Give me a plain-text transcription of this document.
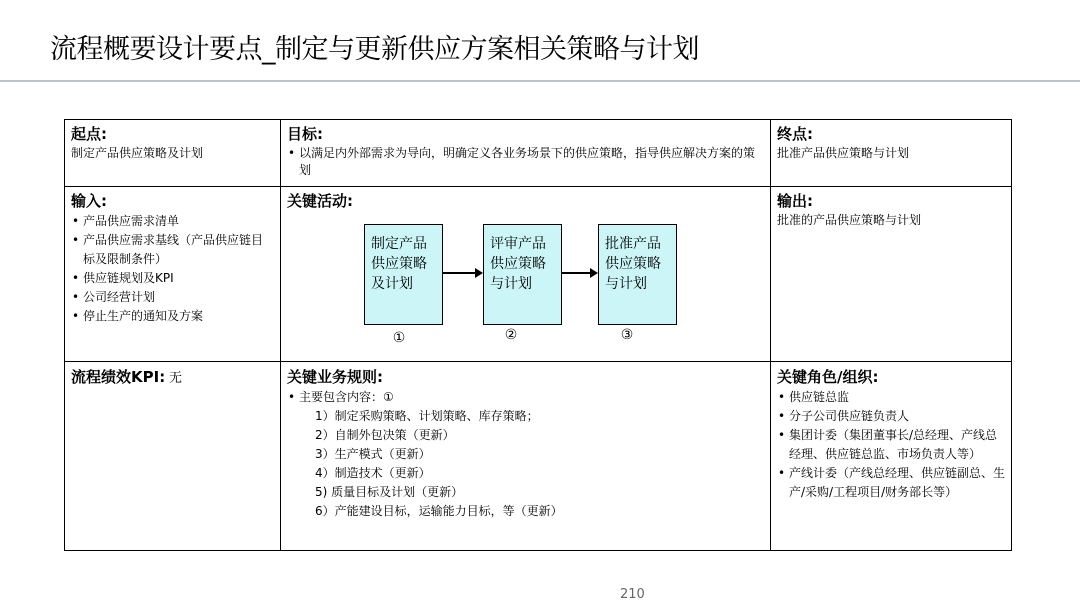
流程概要设计要点_制定与更新供应方案相关策略与计划
起点:
制定产品供应策略及计划
目标:
• 以满足内外部需求为导向，明确定义各业务场景下的供应策略，指导供应解决方案的策划
终点:
批准产品供应策略与计划
输入:
• 产品供应需求清单
• 产品供应需求基线（产品供应链目标及限制条件）
• 供应链规划及KPI
• 公司经营计划
• 停止生产的通知及方案
关键活动:
制定产品供应策略及计划
评审产品供应策略与计划
批准产品供应策略与计划
①	②	③
输出:
批准的产品供应策略与计划
流程绩效KPI: 无	关键业务规则:
• 主要包含内容：①
1）制定采购策略、计划策略、库存策略；
2）自制外包决策（更新）
3）生产模式（更新）
4）制造技术（更新）
5) 质量目标及计划（更新）
6）产能建设目标，运输能力目标，等（更新）
关键角色/组织:
• 供应链总监
• 分子公司供应链负责人
• 集团计委（集团董事长/总经理、产线总经理、供应链总监、市场负责人等）
• 产线计委（产线总经理、供应链副总、生产/采购/工程项目/财务部长等）
210
